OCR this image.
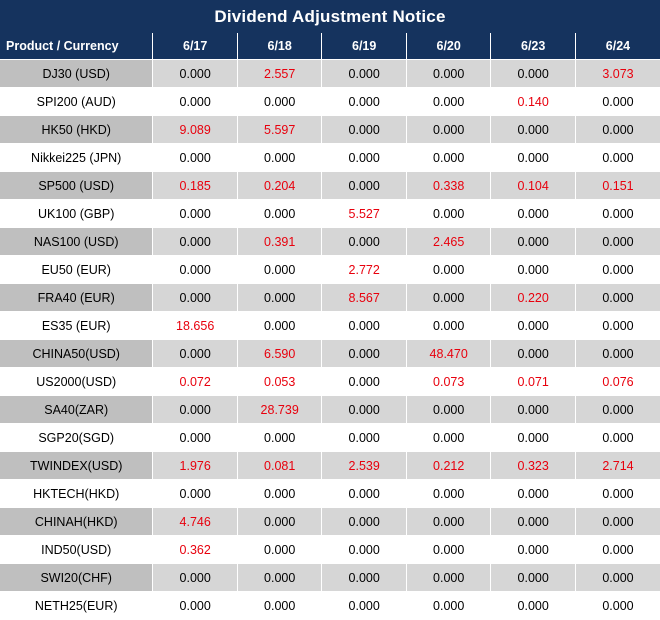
Dividend Adjustment Notice
Product / Currency	6/17	6/18	6/19	6/20	6/23	6/24
DJ30 (USD)	0.000	2.557	0.000	0.000	0.000	3.073
SPI200 (AUD)	0.000	0.000	0.000	0.000	0.140	0.000
HK50 (HKD)	9.089	5.597	0.000	0.000	0.000	0.000
Nikkei225 (JPN)	0.000	0.000	0.000	0.000	0.000	0.000
SP500 (USD)	0.185	0.204	0.000	0.338	0.104	0.151
UK100 (GBP)	0.000	0.000	5.527	0.000	0.000	0.000
NAS100 (USD)	0.000	0.391	0.000	2.465	0.000	0.000
EU50 (EUR)	0.000	0.000	2.772	0.000	0.000	0.000
FRA40 (EUR)	0.000	0.000	8.567	0.000	0.220	0.000
ES35 (EUR)	18.656	0.000	0.000	0.000	0.000	0.000
CHINA50(USD)	0.000	6.590	0.000	48.470	0.000	0.000
US2000(USD)	0.072	0.053	0.000	0.073	0.071	0.076
SA40(ZAR)	0.000	28.739	0.000	0.000	0.000	0.000
SGP20(SGD)	0.000	0.000	0.000	0.000	0.000	0.000
TWINDEX(USD)	1.976	0.081	2.539	0.212	0.323	2.714
HKTECH(HKD)	0.000	0.000	0.000	0.000	0.000	0.000
CHINAH(HKD)	4.746	0.000	0.000	0.000	0.000	0.000
IND50(USD)	0.362	0.000	0.000	0.000	0.000	0.000
SWI20(CHF)	0.000	0.000	0.000	0.000	0.000	0.000
NETH25(EUR)	0.000	0.000	0.000	0.000	0.000	0.000
